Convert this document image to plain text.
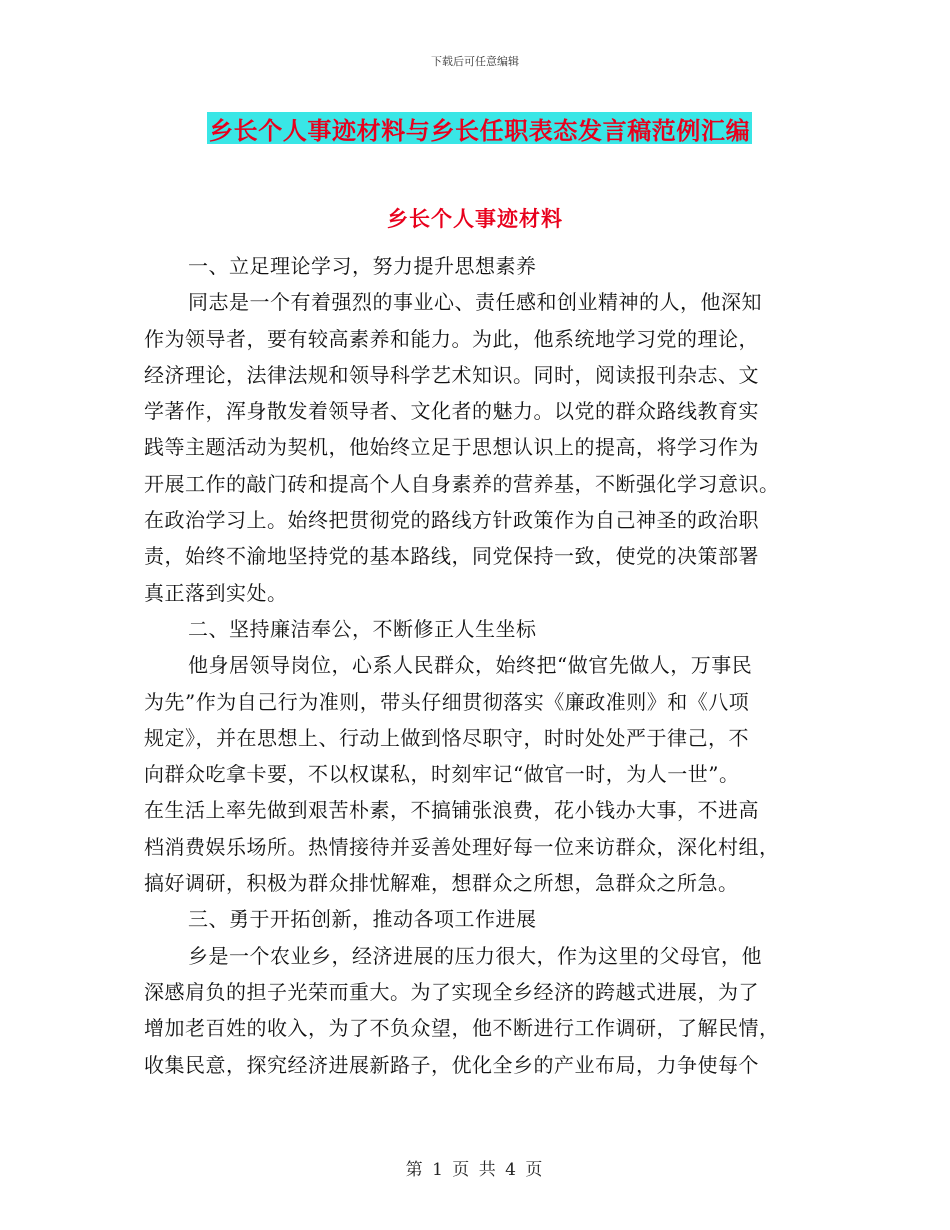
下载后可任意编辑
乡长个人事迹材料与乡长任职表态发言稿范例汇编
乡长个人事迹材料
一、立足理论学习，努力提升思想素养
同志是一个有着强烈的事业心、责任感和创业精神的人，他深知
作为领导者，要有较高素养和能力。为此，他系统地学习党的理论，
经济理论，法律法规和领导科学艺术知识。同时，阅读报刊杂志、文
学著作，浑身散发着领导者、文化者的魅力。以党的群众路线教育实
践等主题活动为契机，他始终立足于思想认识上的提高，将学习作为
开展工作的敲门砖和提高个人自身素养的营养基，不断强化学习意识。
在政治学习上。始终把贯彻党的路线方针政策作为自己神圣的政治职
责，始终不渝地坚持党的基本路线，同党保持一致，使党的决策部署
真正落到实处。
二、坚持廉洁奉公，不断修正人生坐标
他身居领导岗位，心系人民群众，始终把“做官先做人，万事民
为先”作为自己行为准则，带头仔细贯彻落实《廉政准则》和《八项
规定》，并在思想上、行动上做到恪尽职守，时时处处严于律己，不
向群众吃拿卡要，不以权谋私，时刻牢记“做官一时，为人一世”。
在生活上率先做到艰苦朴素，不搞铺张浪费，花小钱办大事，不进高
档消费娱乐场所。热情接待并妥善处理好每一位来访群众，深化村组，
搞好调研，积极为群众排忧解难，想群众之所想，急群众之所急。
三、勇于开拓创新，推动各项工作进展
乡是一个农业乡，经济进展的压力很大，作为这里的父母官，他
深感肩负的担子光荣而重大。为了实现全乡经济的跨越式进展，为了
增加老百姓的收入，为了不负众望，他不断进行工作调研，了解民情，
收集民意，探究经济进展新路子，优化全乡的产业布局，力争使每个
第 1 页 共 4 页
